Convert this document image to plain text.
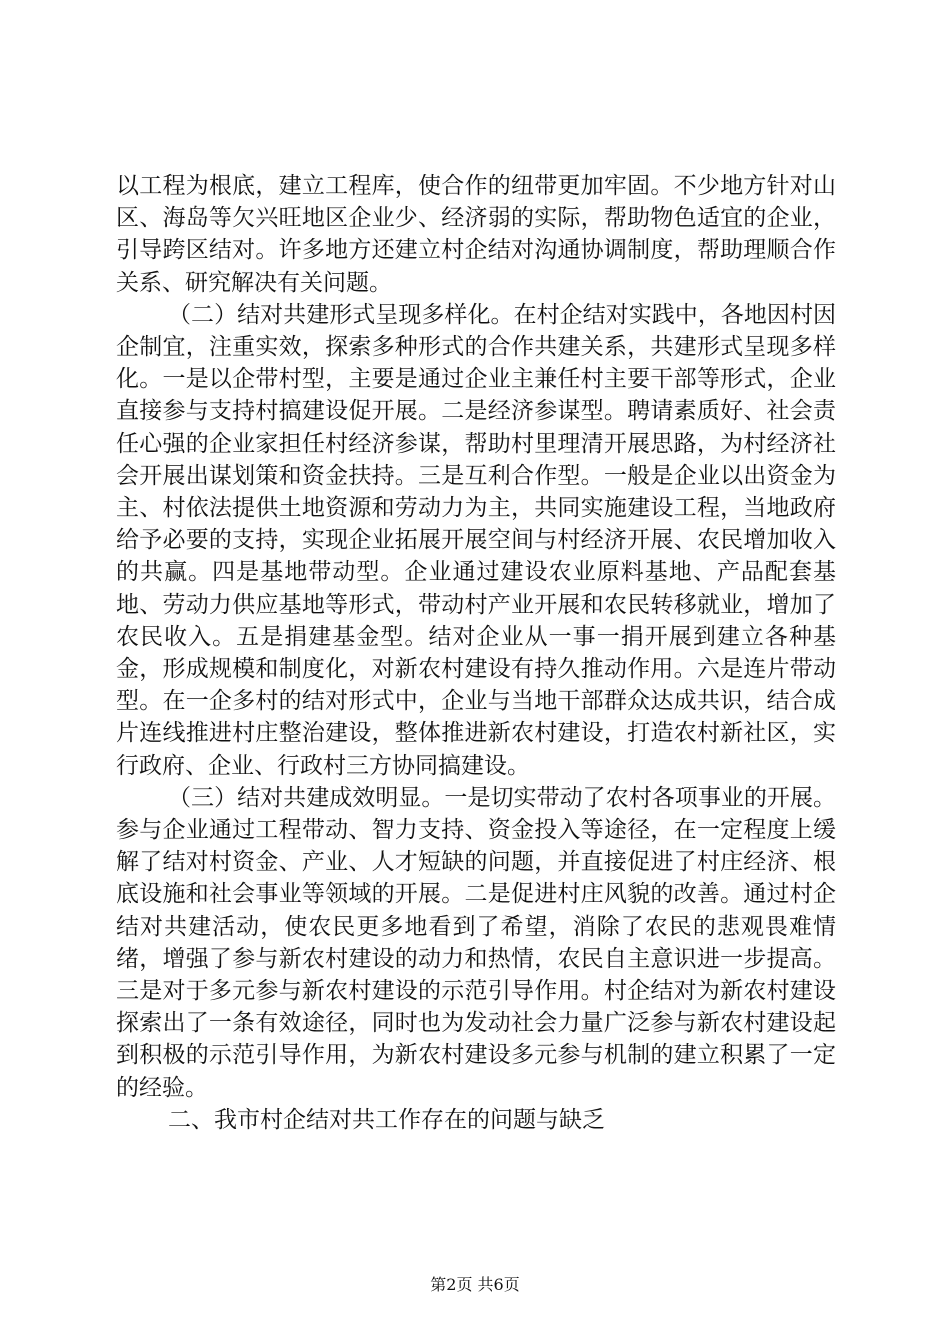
以工程为根底，建立工程库，使合作的纽带更加牢固。不少地方针对山区、海岛等欠兴旺地区企业少、经济弱的实际，帮助物色适宜的企业，引导跨区结对。许多地方还建立村企结对沟通协调制度，帮助理顺合作关系、研究解决有关问题。

（二）结对共建形式呈现多样化。在村企结对实践中，各地因村因企制宜，注重实效，探索多种形式的合作共建关系，共建形式呈现多样化。一是以企带村型，主要是通过企业主兼任村主要干部等形式，企业直接参与支持村搞建设促开展。二是经济参谋型。聘请素质好、社会责任心强的企业家担任村经济参谋，帮助村里理清开展思路，为村经济社会开展出谋划策和资金扶持。三是互利合作型。一般是企业以出资金为主、村依法提供土地资源和劳动力为主，共同实施建设工程，当地政府给予必要的支持，实现企业拓展开展空间与村经济开展、农民增加收入的共赢。四是基地带动型。企业通过建设农业原料基地、产品配套基地、劳动力供应基地等形式，带动村产业开展和农民转移就业，增加了农民收入。五是捐建基金型。结对企业从一事一捐开展到建立各种基金，形成规模和制度化，对新农村建设有持久推动作用。六是连片带动型。在一企多村的结对形式中，企业与当地干部群众达成共识，结合成片连线推进村庄整治建设，整体推进新农村建设，打造农村新社区，实行政府、企业、行政村三方协同搞建设。

（三）结对共建成效明显。一是切实带动了农村各项事业的开展。参与企业通过工程带动、智力支持、资金投入等途径，在一定程度上缓解了结对村资金、产业、人才短缺的问题，并直接促进了村庄经济、根底设施和社会事业等领域的开展。二是促进村庄风貌的改善。通过村企结对共建活动，使农民更多地看到了希望，消除了农民的悲观畏难情绪，增强了参与新农村建设的动力和热情，农民自主意识进一步提高。三是对于多元参与新农村建设的示范引导作用。村企结对为新农村建设探索出了一条有效途径，同时也为发动社会力量广泛参与新农村建设起到积极的示范引导作用，为新农村建设多元参与机制的建立积累了一定的经验。

二、我市村企结对共工作存在的问题与缺乏

第2页 共6页
